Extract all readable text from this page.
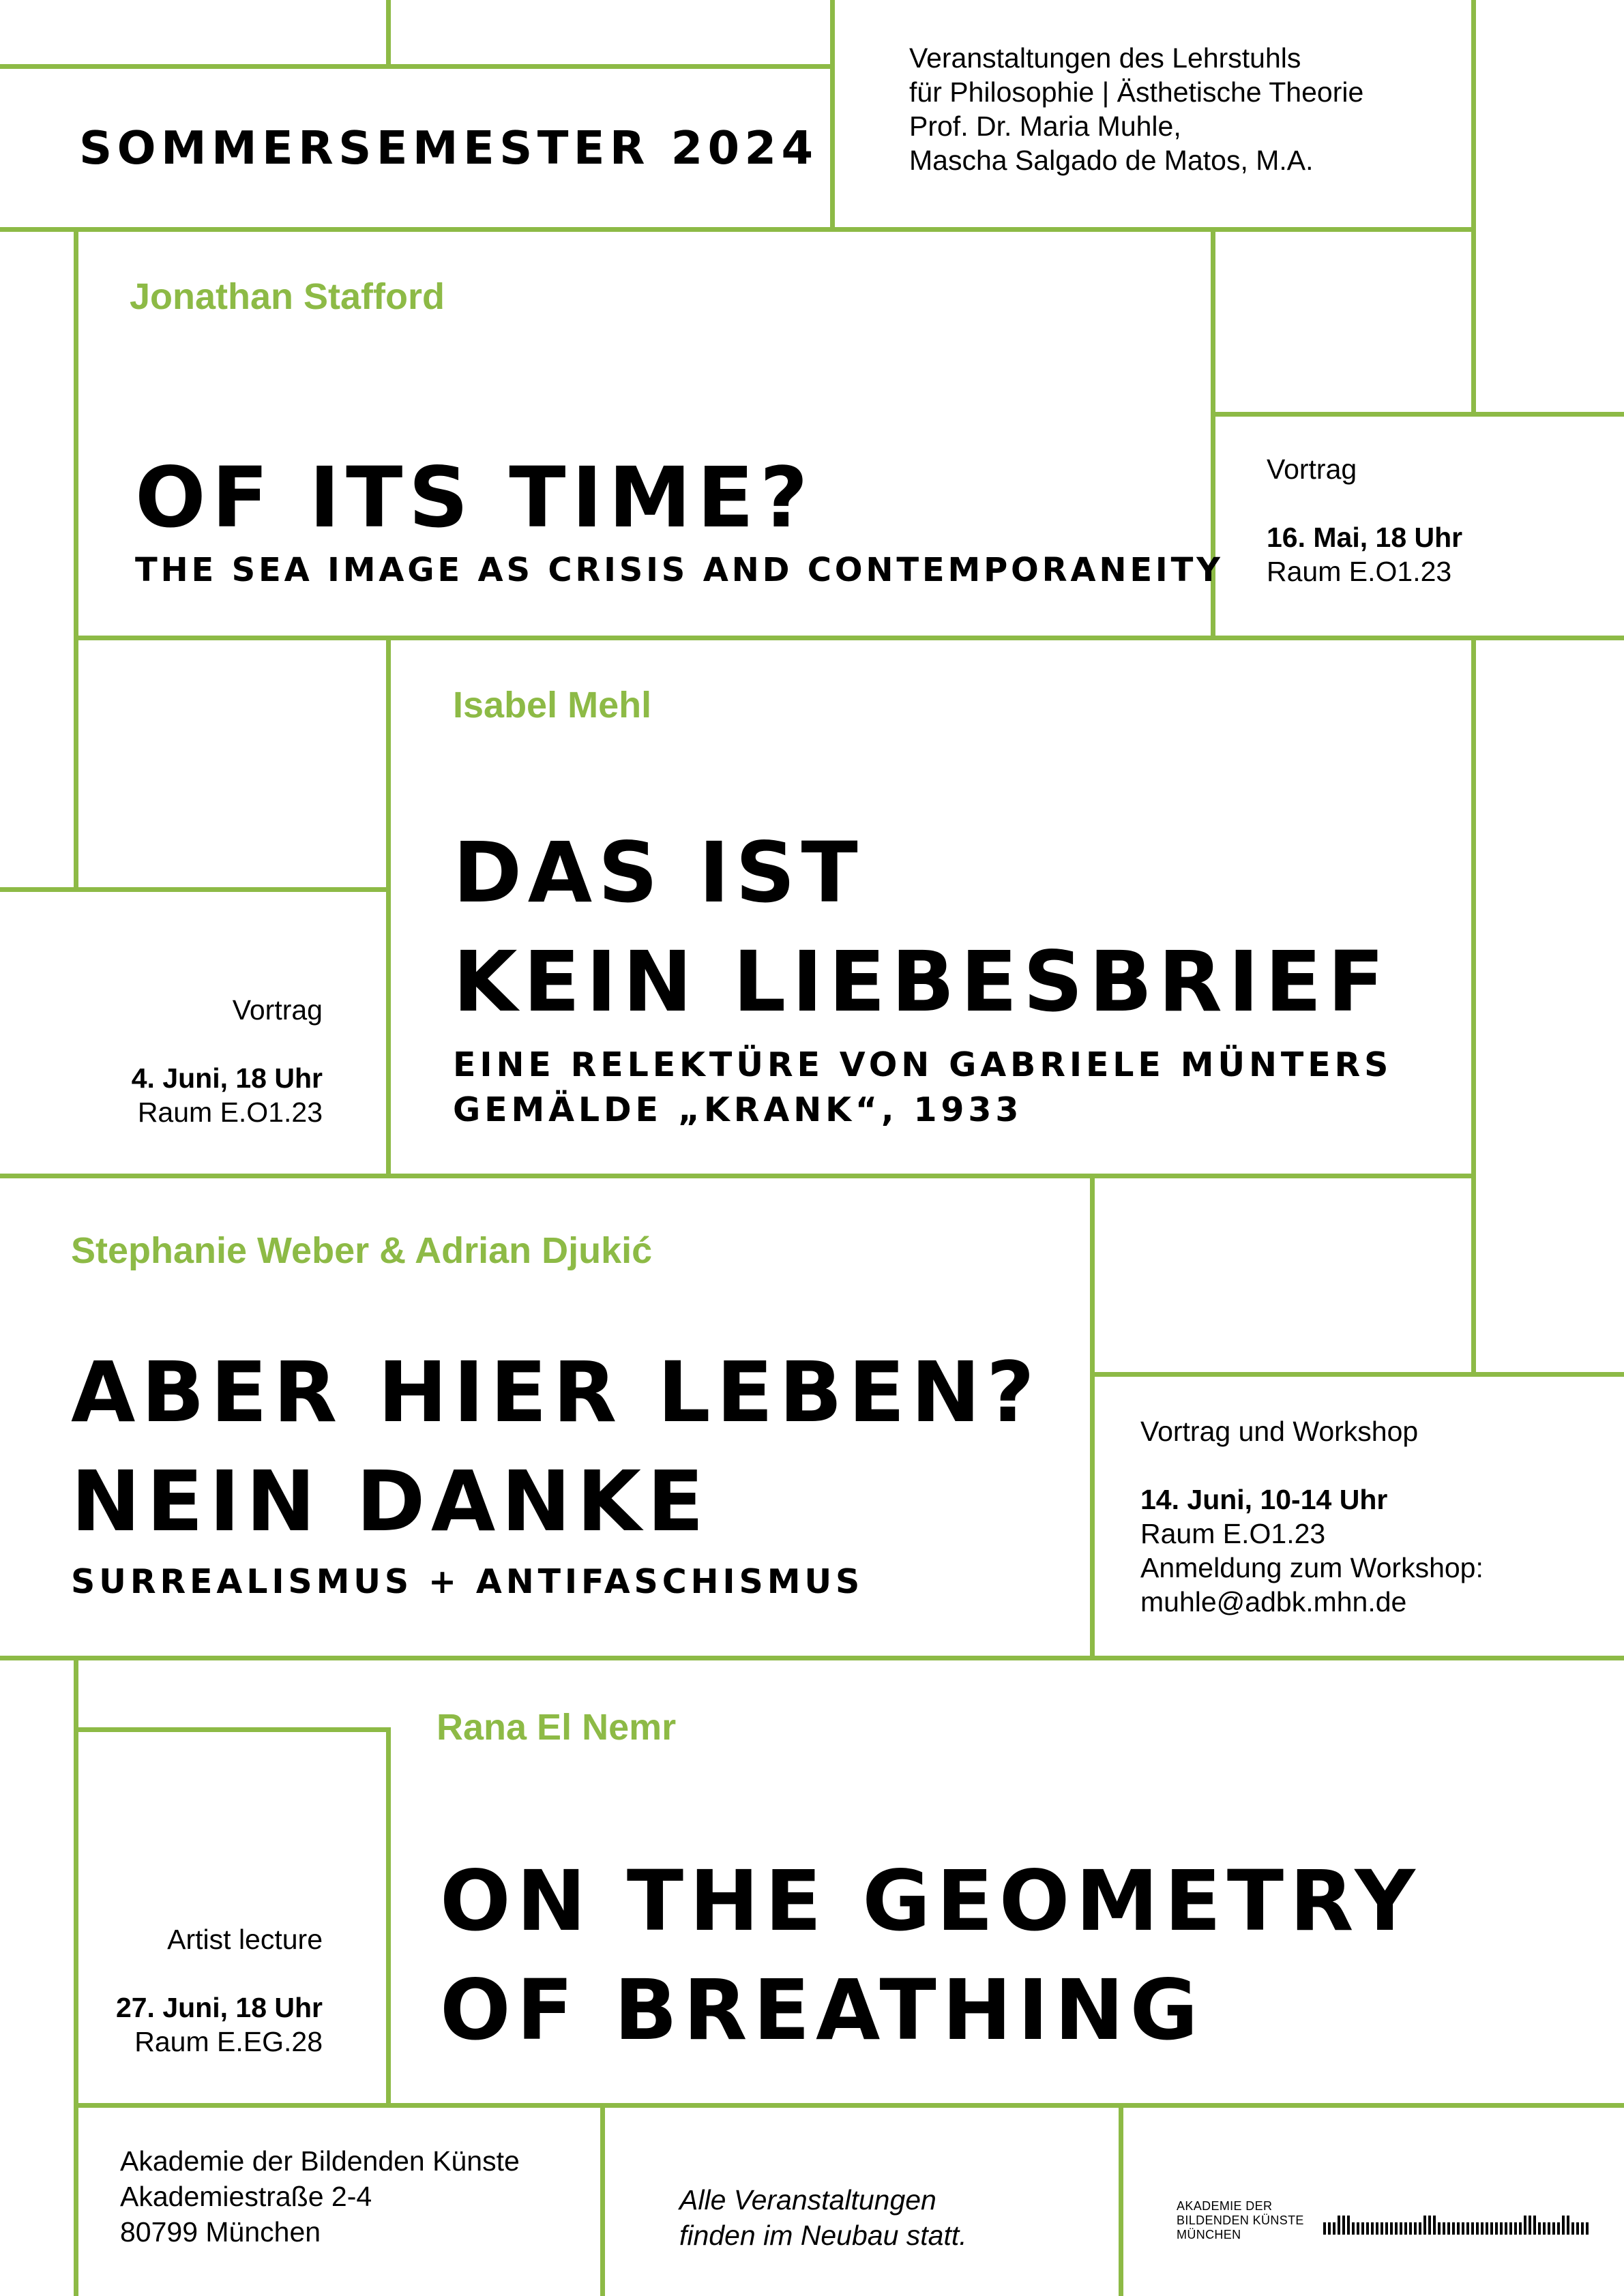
SOMMERSEMESTER 2024
Veranstaltungen des Lehrstuhls
für Philosophie | Ästhetische Theorie
Prof. Dr. Maria Muhle,
Mascha Salgado de Matos, M.A.
Jonathan Stafford
OF ITS TIME?
THE SEA IMAGE AS CRISIS AND CONTEMPORANEITY
Vortrag
16. Mai, 18 Uhr
Raum E.O1.23
Isabel Mehl
DAS IST
KEIN LIEBESBRIEF
EINE RELEKTÜRE VON GABRIELE MÜNTERS
GEMÄLDE „KRANK“, 1933
Vortrag
4. Juni, 18 Uhr
Raum E.O1.23
Stephanie Weber & Adrian Djukić
ABER HIER LEBEN?
NEIN DANKE
SURREALISMUS + ANTIFASCHISMUS
Vortrag und Workshop
14. Juni, 10-14 Uhr
Raum E.O1.23
Anmeldung zum Workshop:
muhle@adbk.mhn.de
Rana El Nemr
ON THE GEOMETRY
OF BREATHING
Artist lecture
27. Juni, 18 Uhr
Raum E.EG.28
Akademie der Bildenden Künste
Akademiestraße 2-4
80799 München
Alle Veranstaltungen
finden im Neubau statt.
AKADEMIE DER
BILDENDEN KÜNSTE
MÜNCHEN
